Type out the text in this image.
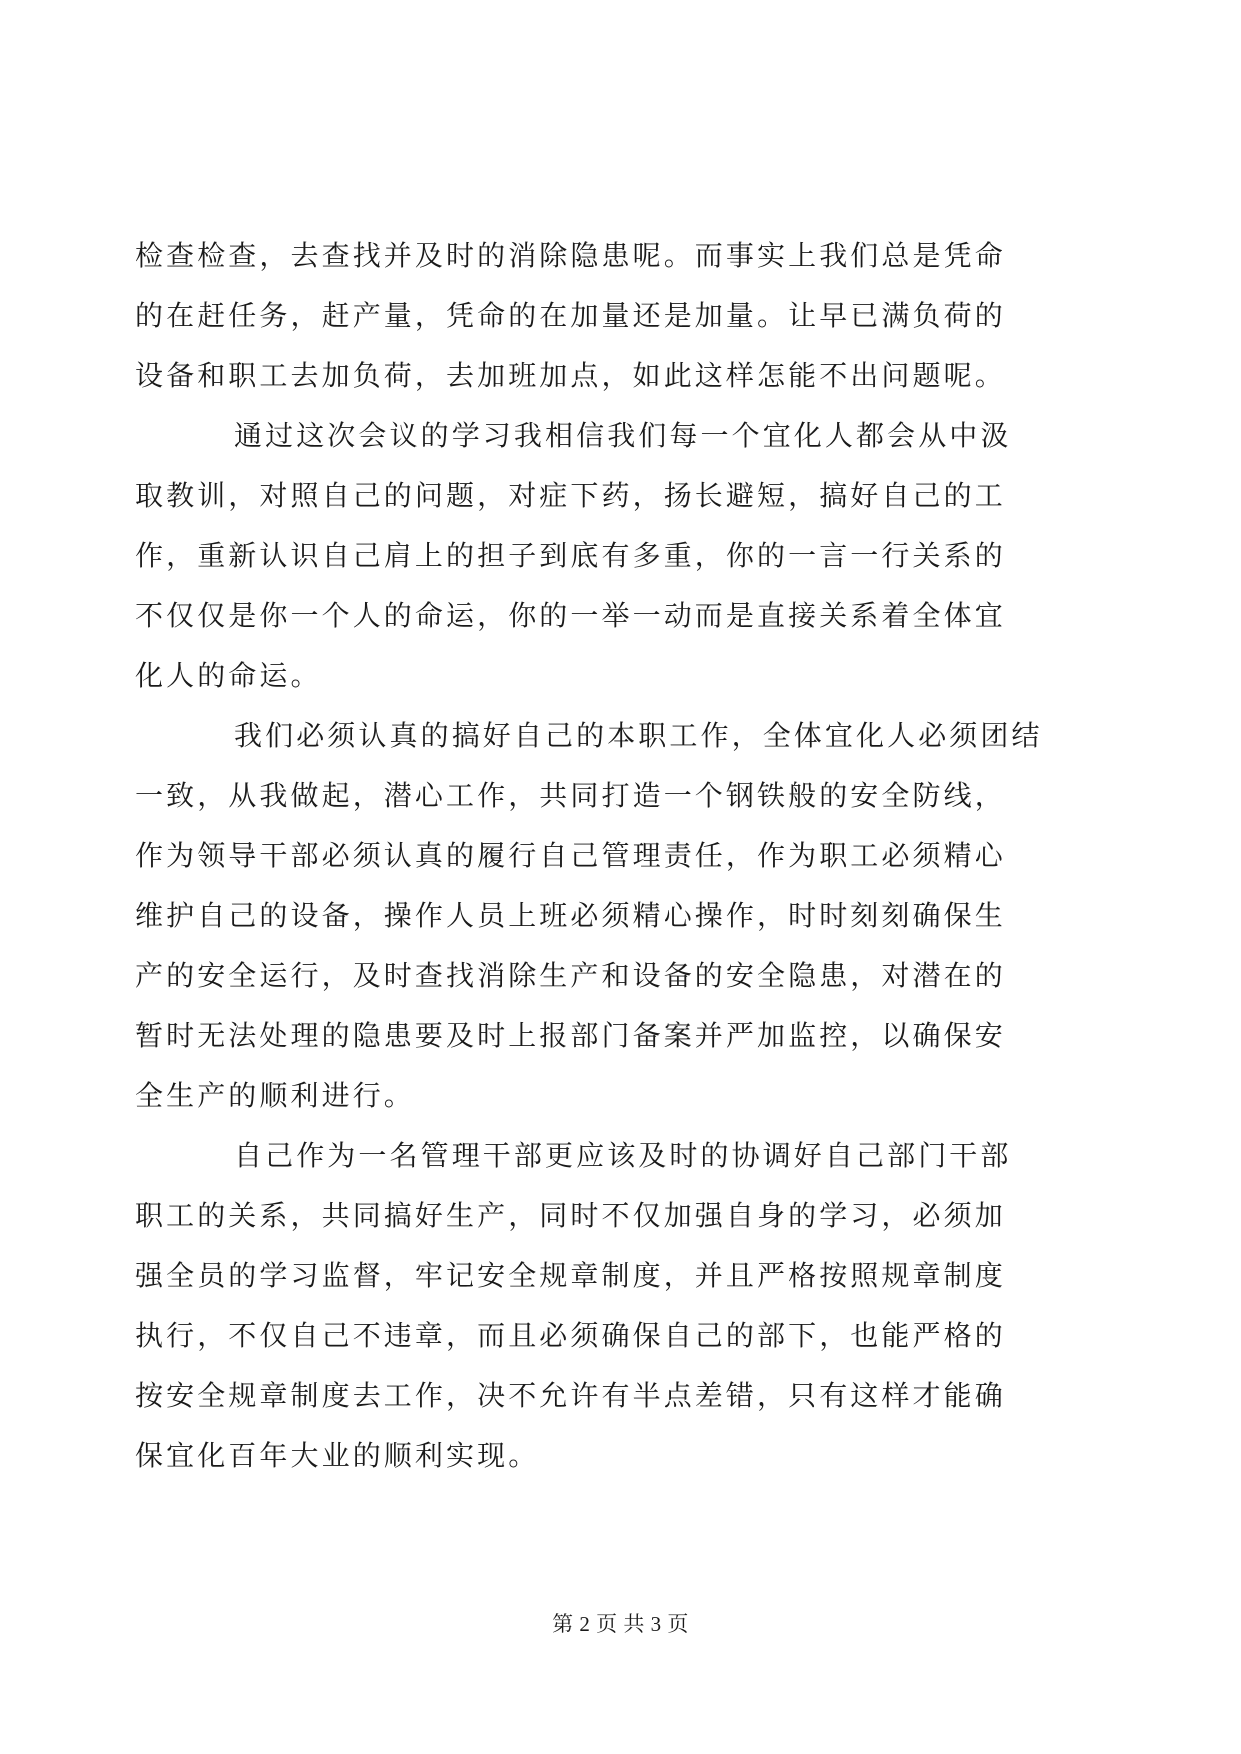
检查检查，去查找并及时的消除隐患呢。而事实上我们总是凭命
的在赶任务，赶产量，凭命的在加量还是加量。让早已满负荷的
设备和职工去加负荷，去加班加点，如此这样怎能不出问题呢。
通过这次会议的学习我相信我们每一个宜化人都会从中汲
取教训，对照自己的问题，对症下药，扬长避短，搞好自己的工
作，重新认识自己肩上的担子到底有多重，你的一言一行关系的
不仅仅是你一个人的命运，你的一举一动而是直接关系着全体宜
化人的命运。
我们必须认真的搞好自己的本职工作，全体宜化人必须团结
一致，从我做起，潜心工作，共同打造一个钢铁般的安全防线，
作为领导干部必须认真的履行自己管理责任，作为职工必须精心
维护自己的设备，操作人员上班必须精心操作，时时刻刻确保生
产的安全运行，及时查找消除生产和设备的安全隐患，对潜在的
暂时无法处理的隐患要及时上报部门备案并严加监控，以确保安
全生产的顺利进行。
自己作为一名管理干部更应该及时的协调好自己部门干部
职工的关系，共同搞好生产，同时不仅加强自身的学习，必须加
强全员的学习监督，牢记安全规章制度，并且严格按照规章制度
执行，不仅自己不违章，而且必须确保自己的部下，也能严格的
按安全规章制度去工作，决不允许有半点差错，只有这样才能确
保宜化百年大业的顺利实现。
第 2 页 共 3 页
